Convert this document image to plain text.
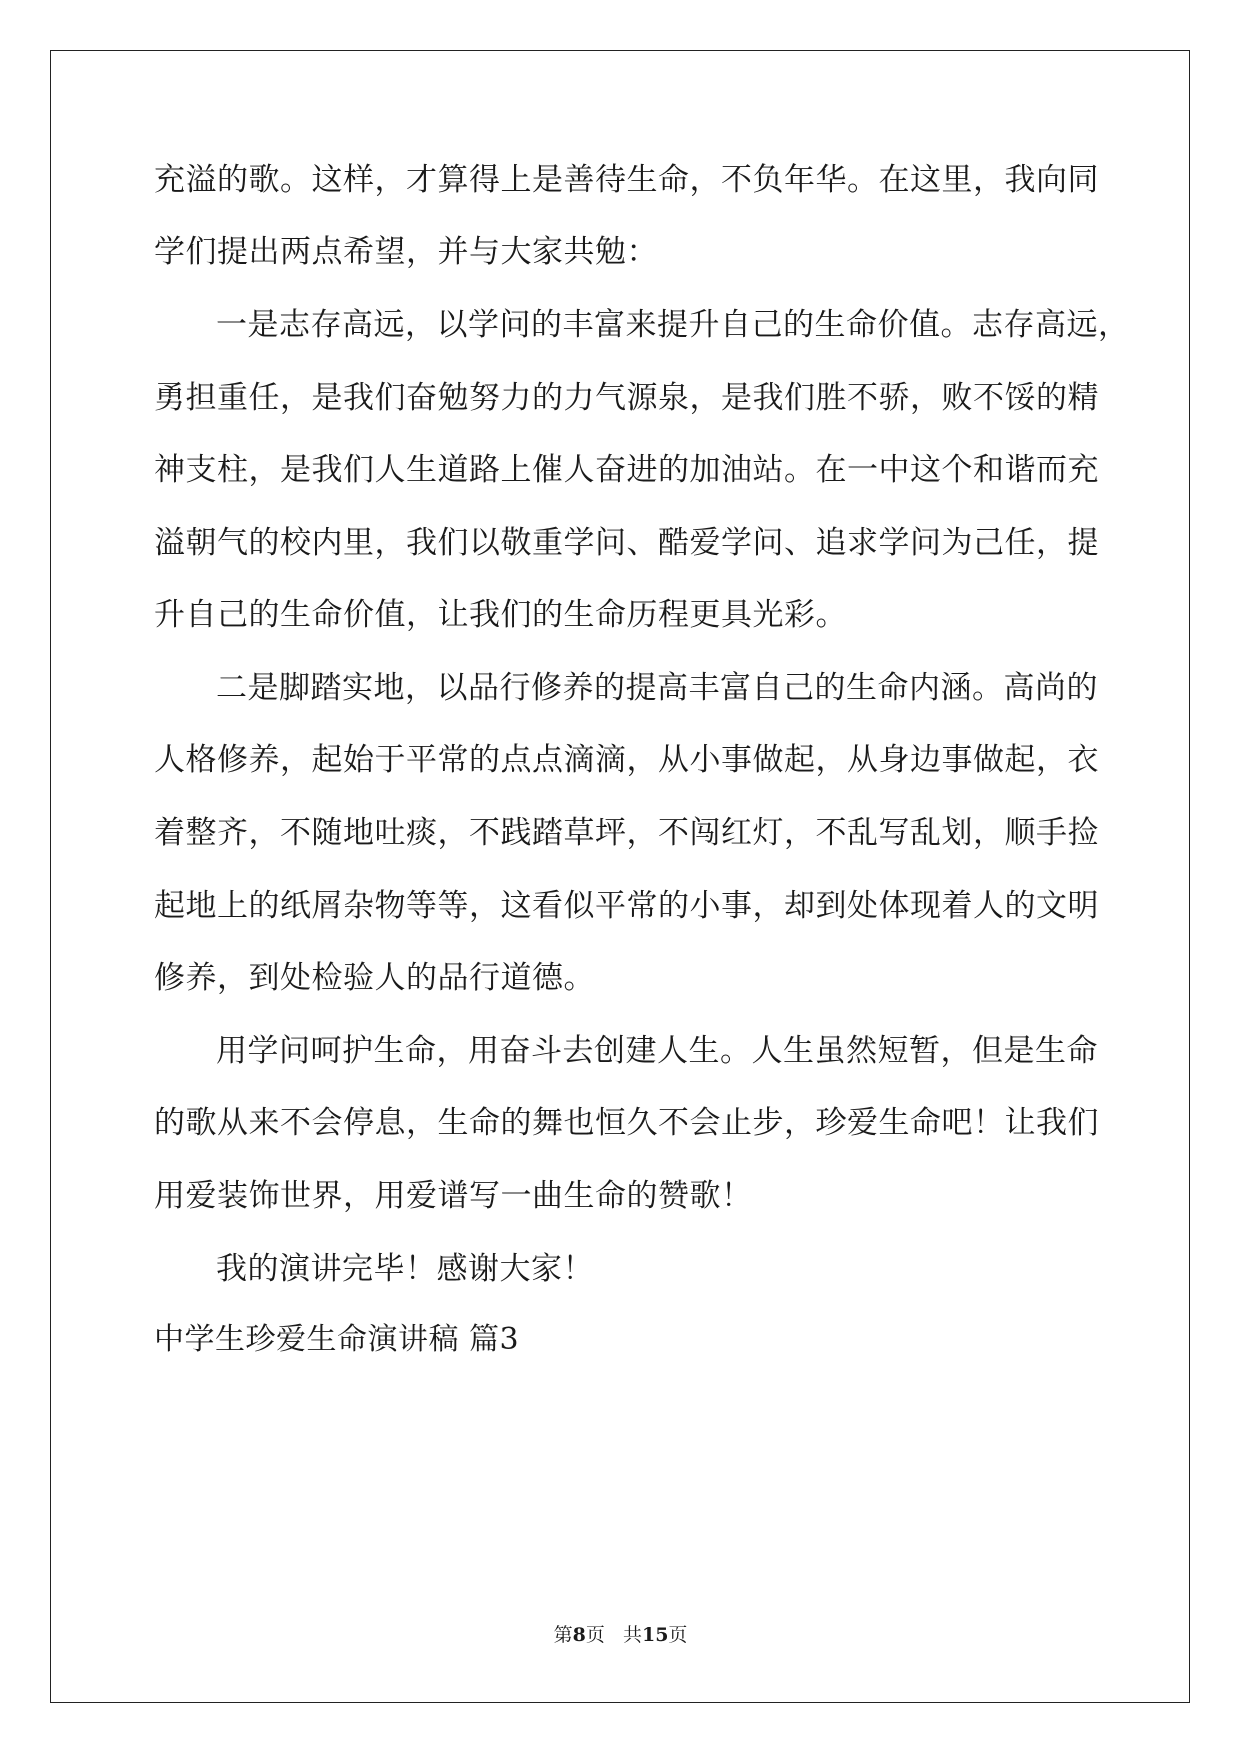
充溢的歌。这样，才算得上是善待生命，不负年华。在这里，我向同
学们提出两点希望，并与大家共勉：
一是志存高远，以学问的丰富来提升自己的生命价值。志存高远，
勇担重任，是我们奋勉努力的力气源泉，是我们胜不骄，败不馁的精
神支柱，是我们人生道路上催人奋进的加油站。在一中这个和谐而充
溢朝气的校内里，我们以敬重学问、酷爱学问、追求学问为己任，提
升自己的生命价值，让我们的生命历程更具光彩。
二是脚踏实地，以品行修养的提高丰富自己的生命内涵。高尚的
人格修养，起始于平常的点点滴滴，从小事做起，从身边事做起，衣
着整齐，不随地吐痰，不践踏草坪，不闯红灯，不乱写乱划，顺手捡
起地上的纸屑杂物等等，这看似平常的小事，却到处体现着人的文明
修养，到处检验人的品行道德。
用学问呵护生命，用奋斗去创建人生。人生虽然短暂，但是生命
的歌从来不会停息，生命的舞也恒久不会止步，珍爱生命吧！让我们
用爱装饰世界，用爱谱写一曲生命的赞歌！
我的演讲完毕！感谢大家！
中学生珍爱生命演讲稿 篇3
第8页 共15页
